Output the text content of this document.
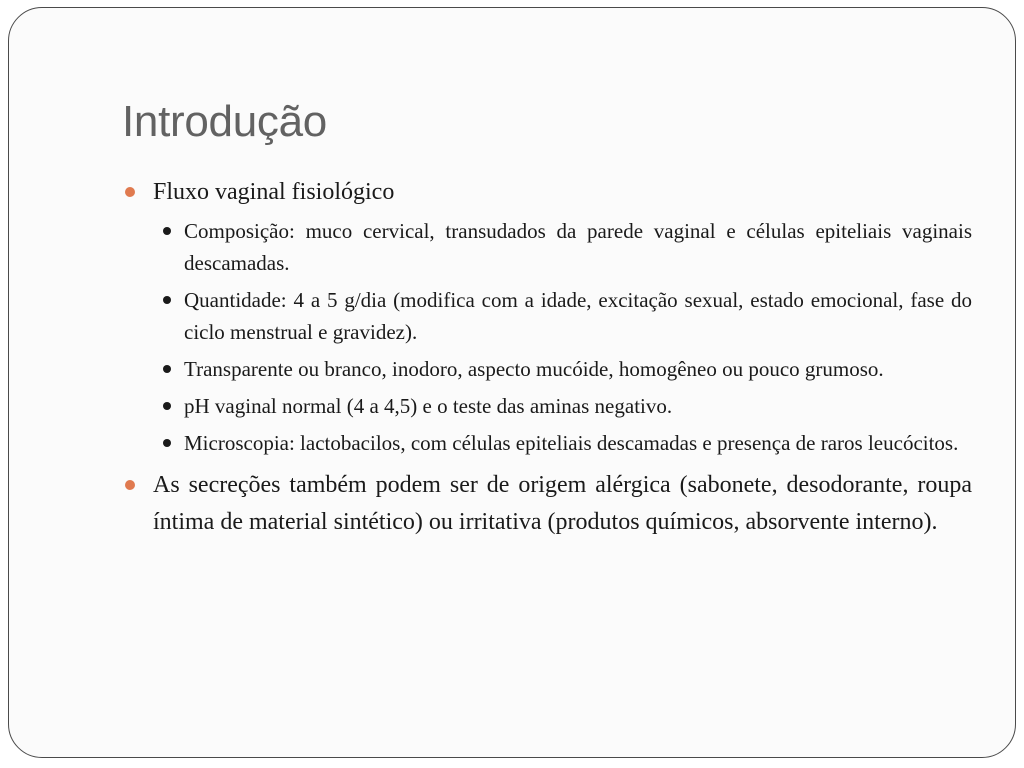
Introdução
Fluxo vaginal fisiológico
Composição: muco cervical, transudados da parede vaginal e células epiteliais vaginais descamadas.
Quantidade: 4 a 5 g/dia (modifica com a idade, excitação sexual, estado emocional, fase do ciclo menstrual e gravidez).
Transparente ou branco, inodoro, aspecto mucóide, homogêneo ou pouco grumoso.
pH vaginal normal (4 a 4,5) e o teste das aminas negativo.
Microscopia: lactobacilos, com células epiteliais descamadas e presença de raros leucócitos.
As secreções também podem ser de origem alérgica (sabonete, desodorante, roupa íntima de material sintético) ou irritativa (produtos químicos, absorvente interno).
